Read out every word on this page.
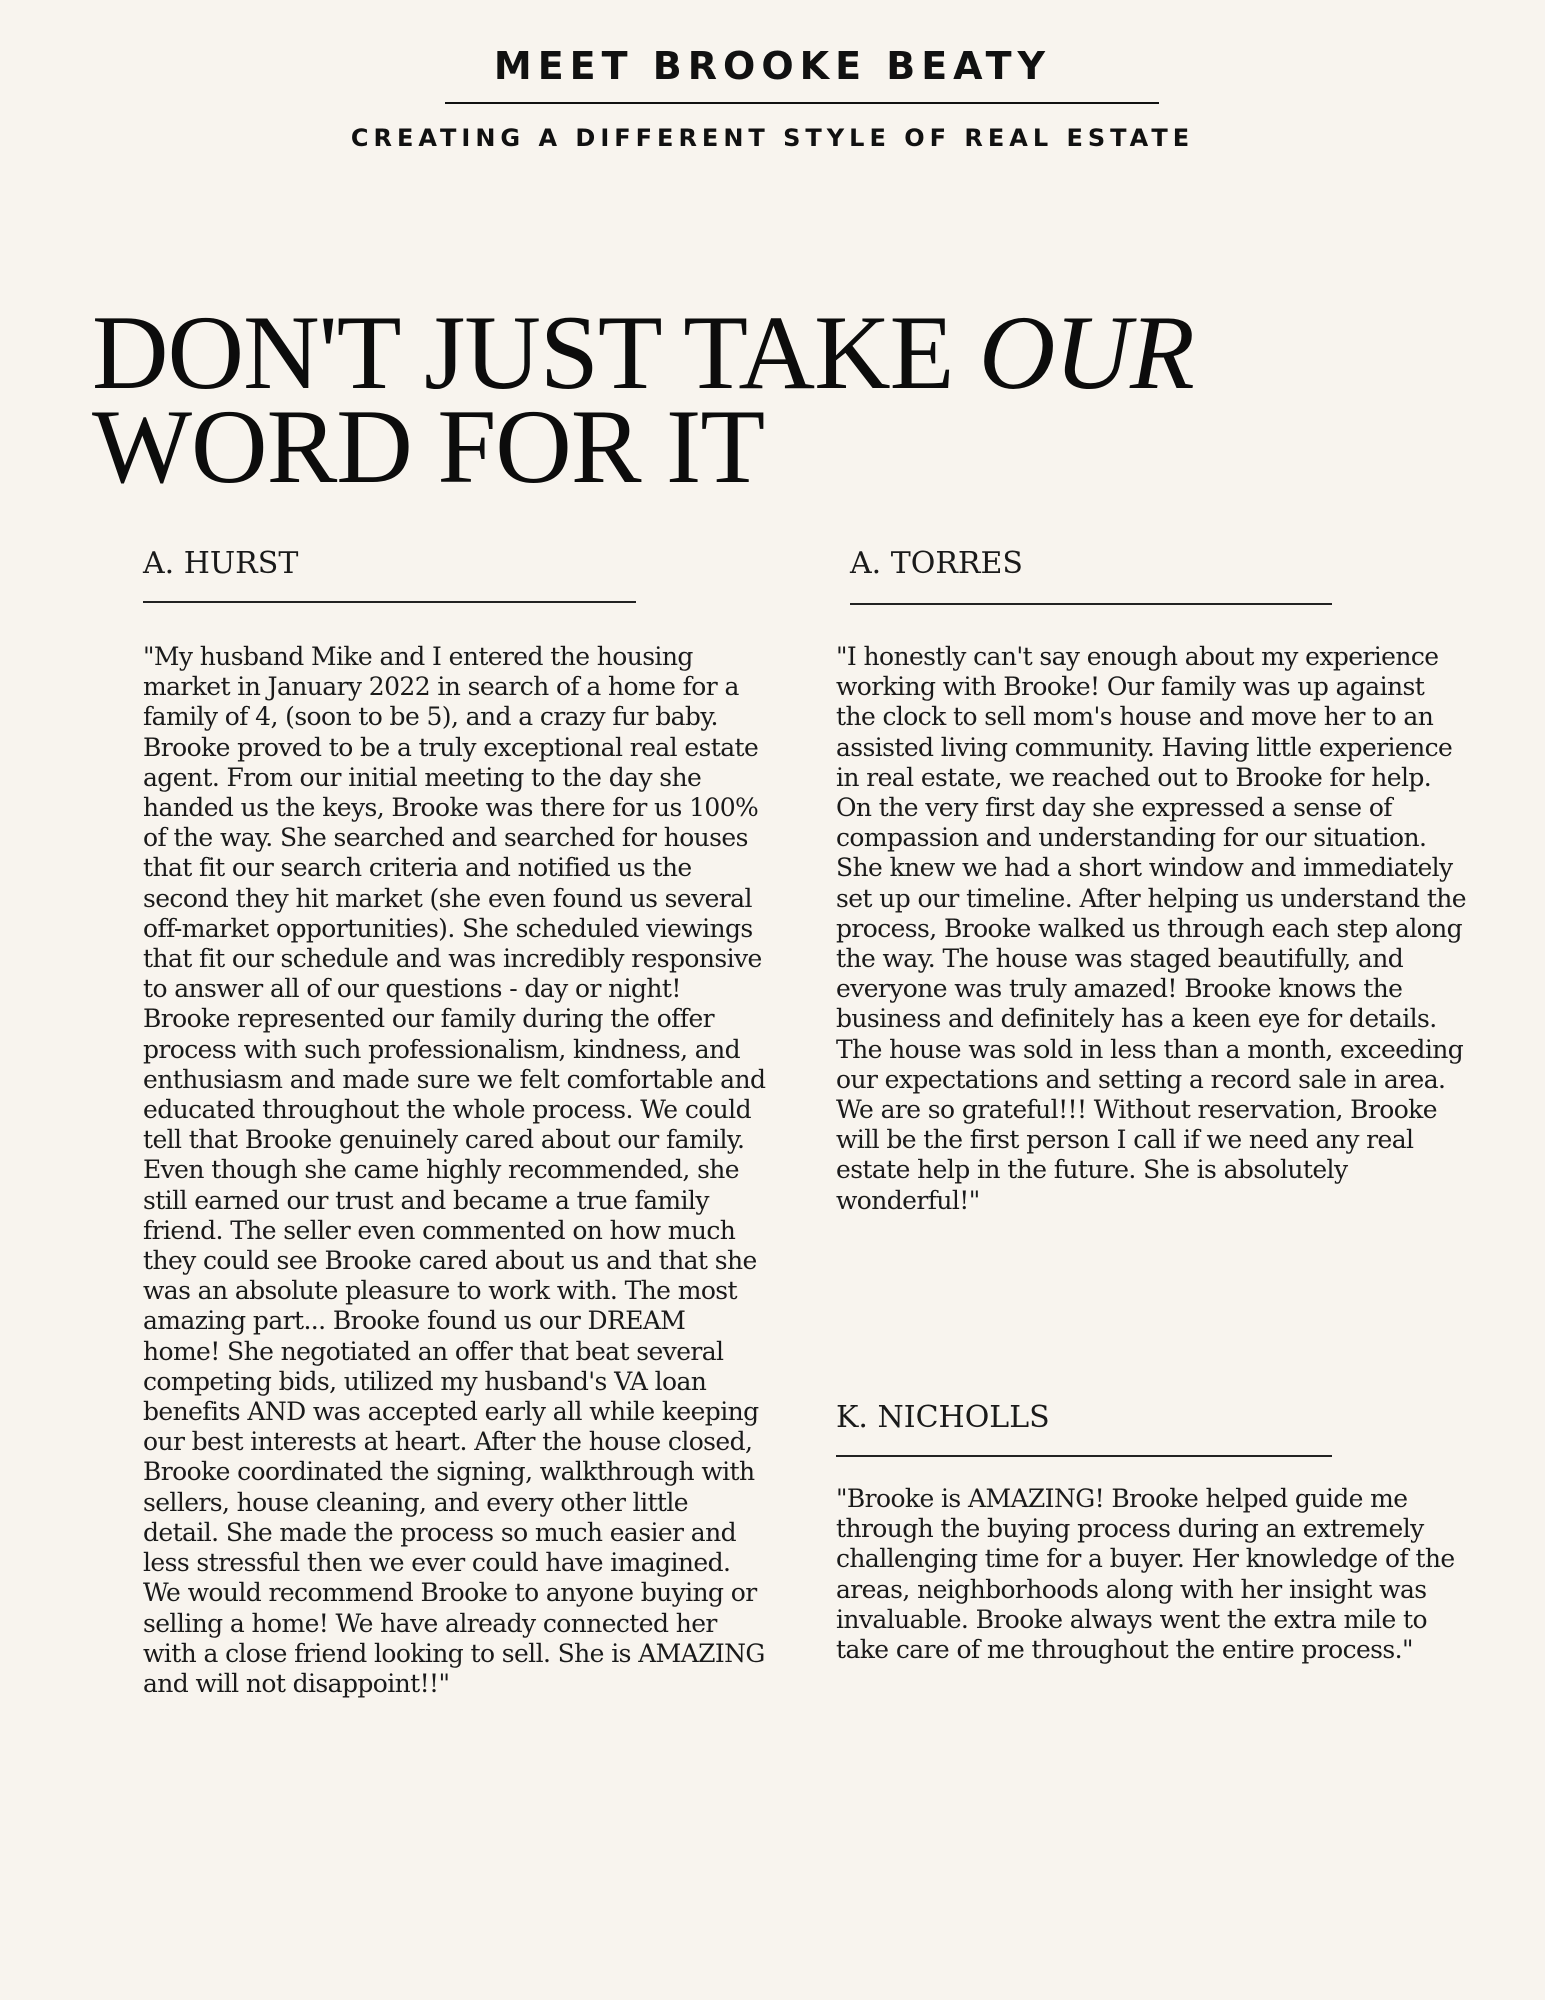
MEET BROOKE BEATY
CREATING A DIFFERENT STYLE OF REAL ESTATE
DON'T JUST TAKE OUR
WORD FOR IT
A. HURST

"My husband Mike and I entered the housing market in January 2022 in search of a home for a family of 4, (soon to be 5), and a crazy fur baby. Brooke proved to be a truly exceptional real estate agent. From our initial meeting to the day she handed us the keys, Brooke was there for us 100% of the way. She searched and searched for houses that fit our search criteria and notified us the second they hit market (she even found us several off-market opportunities). She scheduled viewings that fit our schedule and was incredibly responsive to answer all of our questions - day or night! Brooke represented our family during the offer process with such professionalism, kindness, and enthusiasm and made sure we felt comfortable and educated throughout the whole process. We could tell that Brooke genuinely cared about our family. Even though she came highly recommended, she still earned our trust and became a true family friend. The seller even commented on how much they could see Brooke cared about us and that she was an absolute pleasure to work with. The most amazing part... Brooke found us our DREAM home! She negotiated an offer that beat several competing bids, utilized my husband's VA loan benefits AND was accepted early all while keeping our best interests at heart. After the house closed, Brooke coordinated the signing, walkthrough with sellers, house cleaning, and every other little detail. She made the process so much easier and less stressful then we ever could have imagined. We would recommend Brooke to anyone buying or selling a home! We have already connected her with a close friend looking to sell. She is AMAZING and will not disappoint!!"

A. TORRES

"I honestly can't say enough about my experience working with Brooke! Our family was up against the clock to sell mom's house and move her to an assisted living community. Having little experience in real estate, we reached out to Brooke for help. On the very first day she expressed a sense of compassion and understanding for our situation. She knew we had a short window and immediately set up our timeline. After helping us understand the process, Brooke walked us through each step along the way. The house was staged beautifully, and everyone was truly amazed! Brooke knows the business and definitely has a keen eye for details. The house was sold in less than a month, exceeding our expectations and setting a record sale in area. We are so grateful!!! Without reservation, Brooke will be the first person I call if we need any real estate help in the future. She is absolutely wonderful!"

K. NICHOLLS

"Brooke is AMAZING! Brooke helped guide me through the buying process during an extremely challenging time for a buyer. Her knowledge of the areas, neighborhoods along with her insight was invaluable. Brooke always went the extra mile to take care of me throughout the entire process."
